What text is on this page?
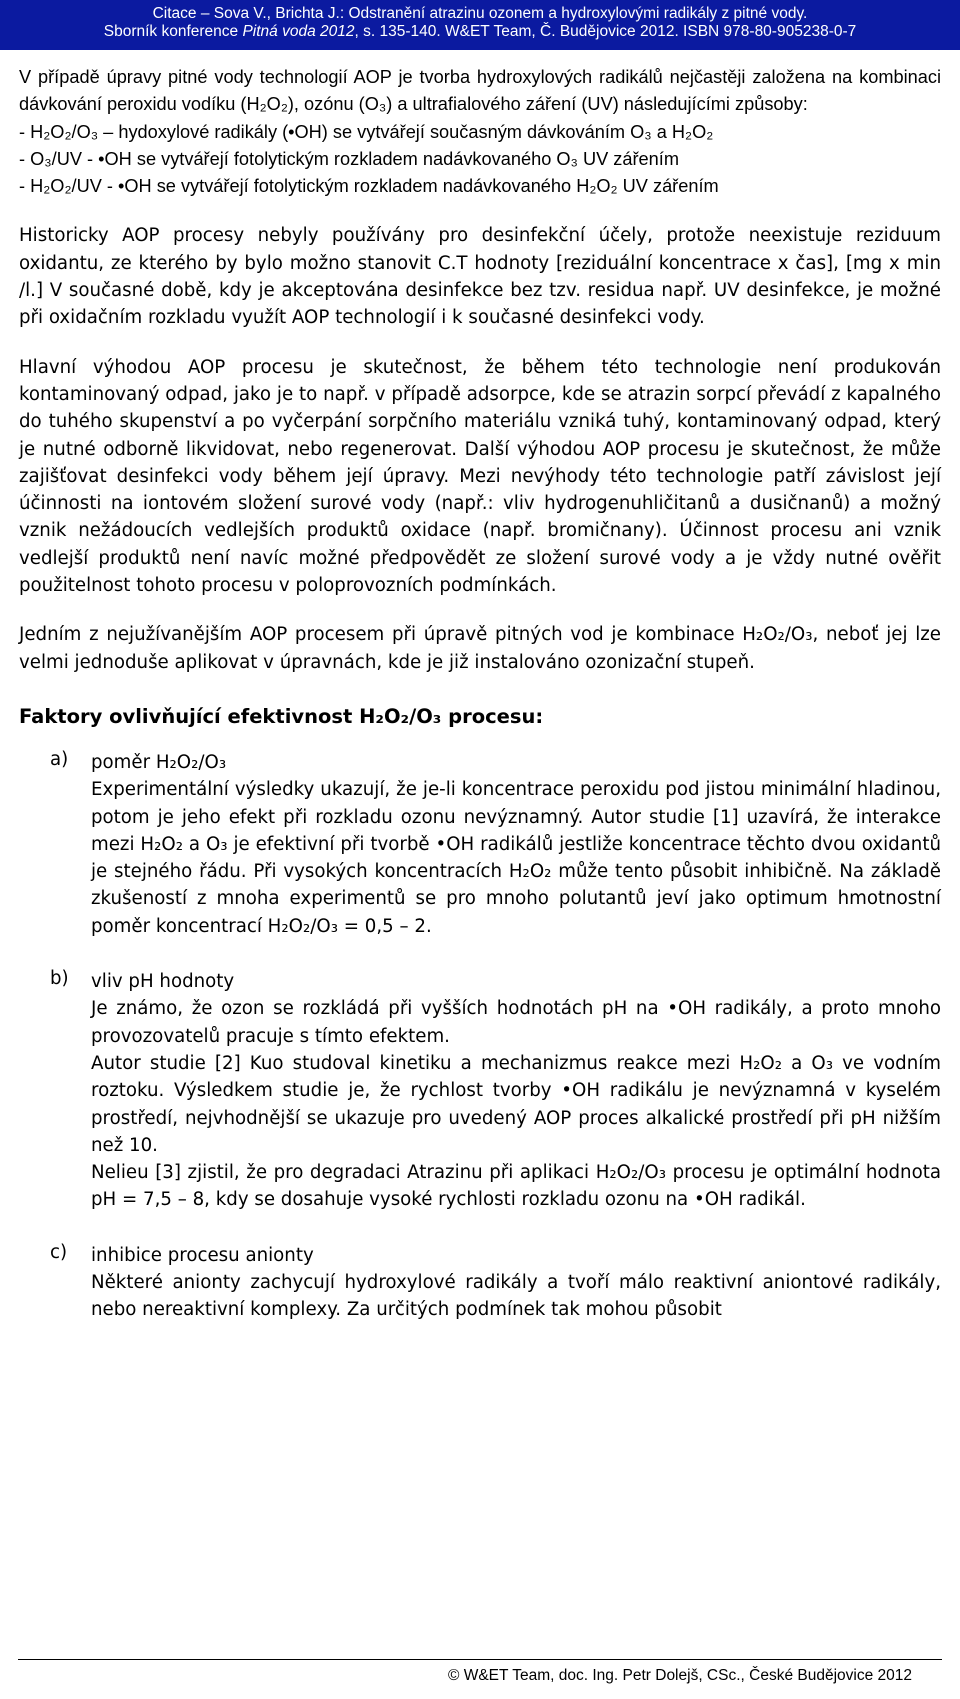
Citace – Sova V., Brichta J.: Odstranění atrazinu ozonem a hydroxylovými radikály z pitné vody.
Sborník konference Pitná voda 2012, s. 135-140. W&ET Team, Č. Budějovice 2012. ISBN 978-80-905238-0-7

V případě úpravy pitné vody technologií AOP je tvorba hydroxylových radikálů nejčastěji založena na kombinaci dávkování peroxidu vodíku (H₂O₂), ozónu (O₃) a ultrafialového záření (UV) následujícími způsoby:

- H₂O₂/O₃ – hydoxylové radikály (•OH) se vytvářejí současným dávkováním O₃ a H₂O₂
- O₃/UV - •OH se vytvářejí fotolytickým rozkladem nadávkovaného O₃ UV zářením
- H₂O₂/UV - •OH se vytvářejí fotolytickým rozkladem nadávkovaného H₂O₂ UV zářením

Historicky AOP procesy nebyly používány pro desinfekční účely, protože neexistuje reziduum oxidantu, ze kterého by bylo možno stanovit C.T hodnoty [reziduální koncentrace x čas], [mg x min /l.] V současné době, kdy je akceptována desinfekce bez tzv. residua např. UV desinfekce, je možné při oxidačním rozkladu využít AOP technologií i k současné desinfekci vody.

Hlavní výhodou AOP procesu je skutečnost, že během této technologie není produkován kontaminovaný odpad, jako je to např. v případě adsorpce, kde se atrazin sorpcí převádí z kapalného do tuhého skupenství a po vyčerpání sorpčního materiálu vzniká tuhý, kontaminovaný odpad, který je nutné odborně likvidovat, nebo regenerovat. Další výhodou AOP procesu je skutečnost, že může zajišťovat desinfekci vody během její úpravy. Mezi nevýhody této technologie patří závislost její účinnosti na iontovém složení surové vody (např.: vliv hydrogenuhličitanů a dusičnanů) a možný vznik nežádoucích vedlejších produktů oxidace (např. bromičnany). Účinnost procesu ani vznik vedlejší produktů není navíc možné předpovědět ze složení surové vody a je vždy nutné ověřit použitelnost tohoto procesu v poloprovozních podmínkách.

Jedním z nejužívanějším AOP procesem při úpravě pitných vod je kombinace H₂O₂/O₃, neboť jej lze velmi jednoduše aplikovat v úpravnách, kde je již instalováno ozonizační stupeň.

Faktory ovlivňující efektivnost H₂O₂/O₃ procesu:
a)	poměr H₂O₂/O₃

Experimentální výsledky ukazují, že je-li koncentrace peroxidu pod jistou minimální hladinou, potom je jeho efekt při rozkladu ozonu nevýznamný. Autor studie [1] uzavírá, že interakce mezi H₂O₂ a O₃ je efektivní při tvorbě •OH radikálů jestliže koncentrace těchto dvou oxidantů je stejného řádu. Při vysokých koncentracích H₂O₂ může tento působit inhibičně. Na základě zkušeností z mnoha experimentů se pro mnoho polutantů jeví jako optimum hmotnostní poměr koncentrací H₂O₂/O₃ = 0,5 – 2.

b)	vliv pH hodnoty

Je známo, že ozon se rozkládá při vyšších hodnotách pH na •OH radikály, a proto mnoho provozovatelů pracuje s tímto efektem.

Autor studie [2] Kuo studoval kinetiku a mechanizmus reakce mezi H₂O₂ a O₃ ve vodním roztoku. Výsledkem studie je, že rychlost tvorby •OH radikálu je nevýznamná v kyselém prostředí, nejvhodnější se ukazuje pro uvedený AOP proces alkalické prostředí při pH nižším než 10.

Nelieu [3] zjistil, že pro degradaci Atrazinu při aplikaci H₂O₂/O₃ procesu je optimální hodnota pH = 7,5 – 8, kdy se dosahuje vysoké rychlosti rozkladu ozonu na •OH radikál.

c)	inhibice procesu anionty

Některé anionty zachycují hydroxylové radikály a tvoří málo reaktivní aniontové radikály, nebo nereaktivní komplexy. Za určitých podmínek tak mohou působit

© W&ET Team, doc. Ing. Petr Dolejš, CSc., České Budějovice 2012
